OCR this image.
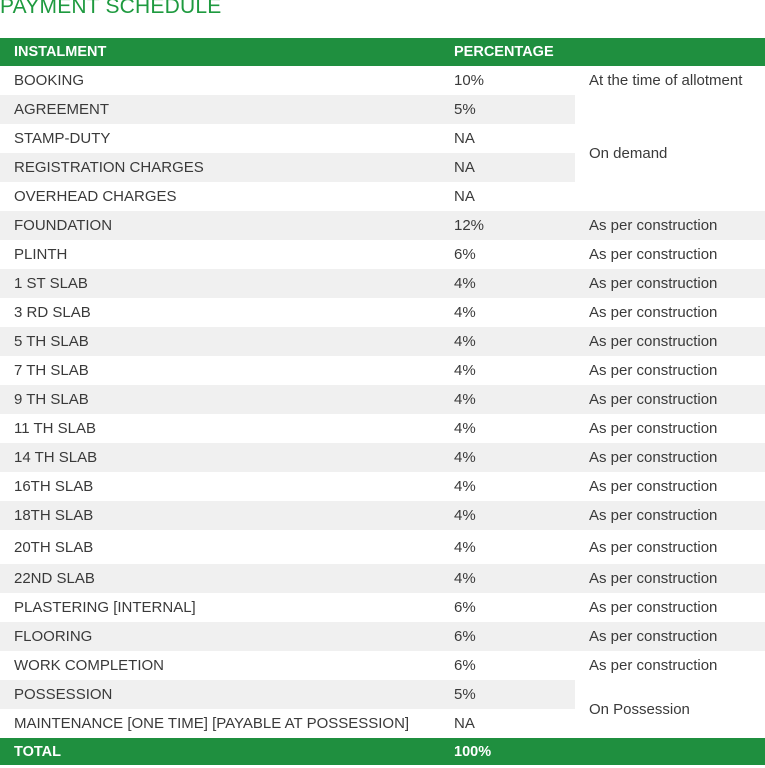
PAYMENT SCHEDULE
INSTALMENT	PERCENTAGE	
BOOKING	10%	At the time of allotment
AGREEMENT	5%	On demand
STAMP-DUTY	NA	
REGISTRATION CHARGES	NA	
OVERHEAD CHARGES	NA	
FOUNDATION	12%	As per construction
PLINTH	6%	As per construction
1 ST SLAB	4%	As per construction
3 RD SLAB	4%	As per construction
5 TH SLAB	4%	As per construction
7 TH SLAB	4%	As per construction
9 TH SLAB	4%	As per construction
11 TH SLAB	4%	As per construction
14 TH SLAB	4%	As per construction
16TH SLAB	4%	As per construction
18TH SLAB	4%	As per construction
20TH SLAB	4%	As per construction
22ND SLAB	4%	As per construction
PLASTERING [INTERNAL]	6%	As per construction
FLOORING	6%	As per construction
WORK COMPLETION	6%	As per construction
POSSESSION	5%	On Possession
MAINTENANCE [ONE TIME] [PAYABLE AT POSSESSION]	NA	
TOTAL	100%	
